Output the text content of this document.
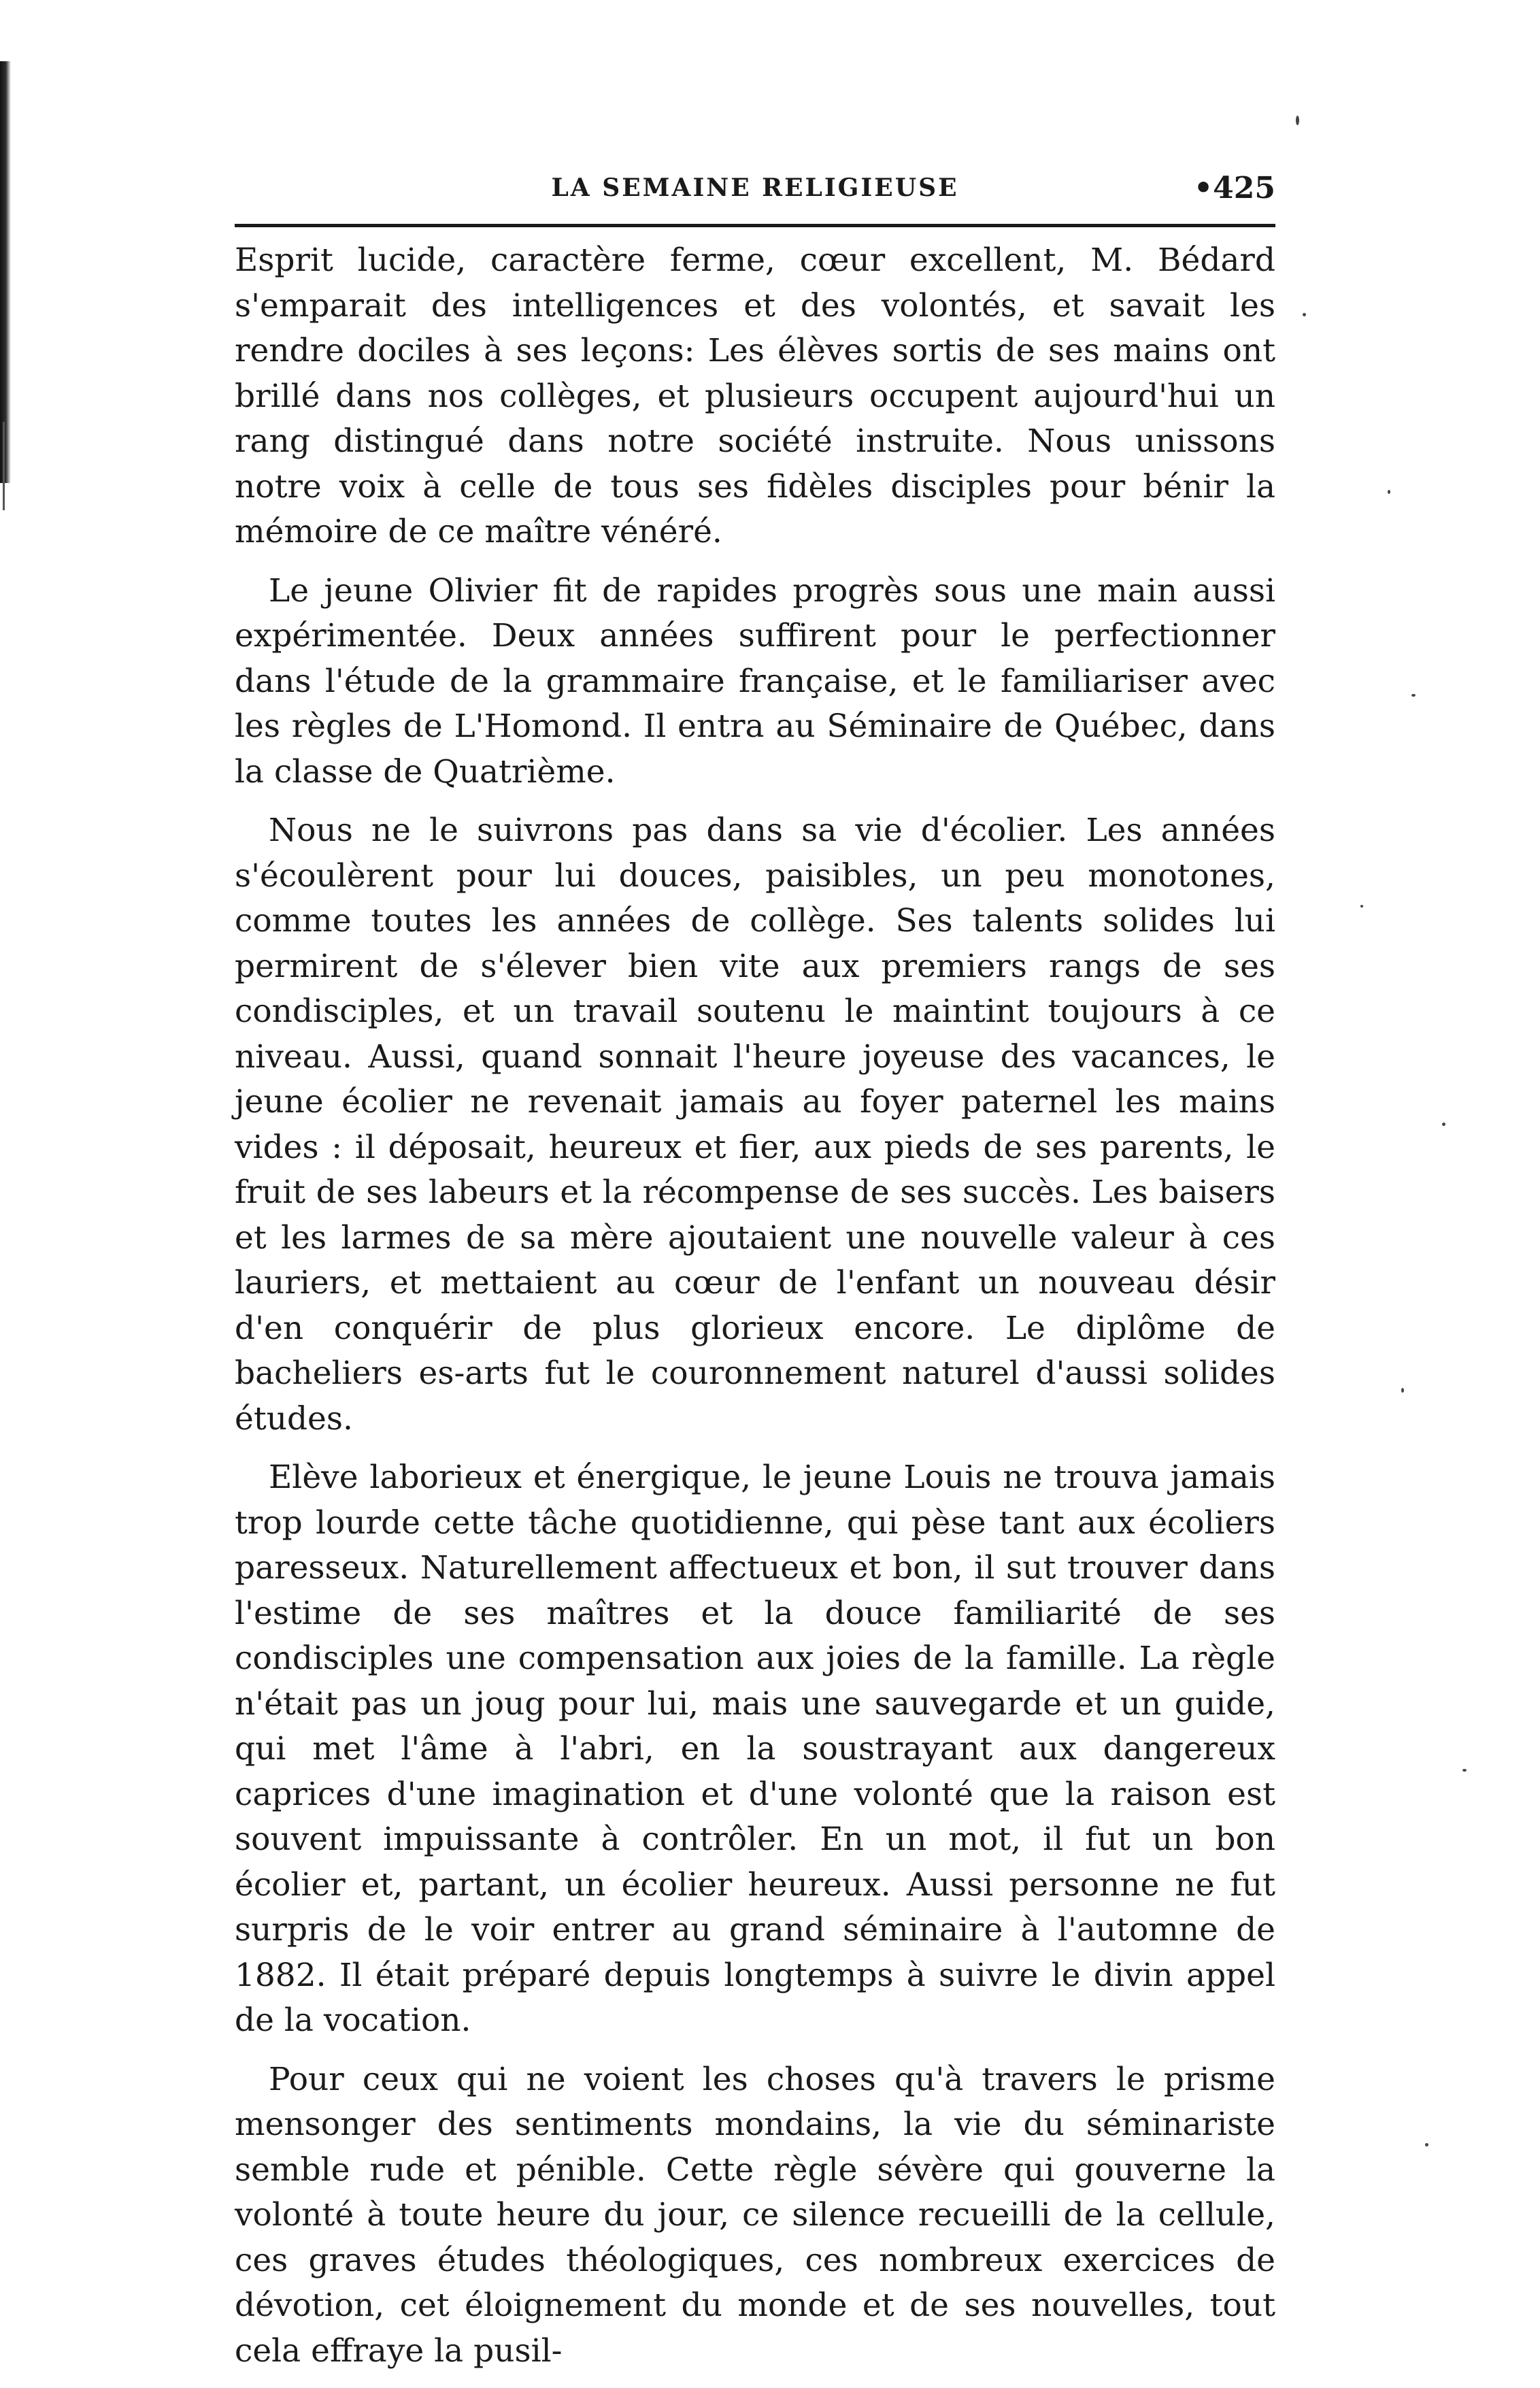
LA SEMAINE RELIGIEUSE	•425

Esprit lucide, caractère ferme, cœur excellent, M. Bédard s'emparait des intelligences et des volontés, et savait les rendre dociles à ses leçons: Les élèves sortis de ses mains ont brillé dans nos collèges, et plusieurs occupent aujourd'hui un rang distingué dans notre société instruite. Nous unissons notre voix à celle de tous ses fidèles disciples pour bénir la mémoire de ce maître vénéré.

Le jeune Olivier fit de rapides progrès sous une main aussi expérimentée. Deux années suffirent pour le perfectionner dans l'étude de la grammaire française, et le familiariser avec les règles de L'Homond. Il entra au Séminaire de Québec, dans la classe de Quatrième.

Nous ne le suivrons pas dans sa vie d'écolier. Les années s'écoulèrent pour lui douces, paisibles, un peu monotones, comme toutes les années de collège. Ses talents solides lui permirent de s'élever bien vite aux premiers rangs de ses condisciples, et un travail soutenu le maintint toujours à ce niveau. Aussi, quand sonnait l'heure joyeuse des vacances, le jeune écolier ne revenait jamais au foyer paternel les mains vides : il déposait, heureux et fier, aux pieds de ses parents, le fruit de ses labeurs et la récompense de ses succès. Les baisers et les larmes de sa mère ajoutaient une nouvelle valeur à ces lauriers, et mettaient au cœur de l'enfant un nouveau désir d'en conquérir de plus glorieux encore. Le diplôme de bacheliers es-arts fut le couronnement naturel d'aussi solides études.

Elève laborieux et énergique, le jeune Louis ne trouva jamais trop lourde cette tâche quotidienne, qui pèse tant aux écoliers paresseux. Naturellement affectueux et bon, il sut trouver dans l'estime de ses maîtres et la douce familiarité de ses condisciples une compensation aux joies de la famille. La règle n'était pas un joug pour lui, mais une sauvegarde et un guide, qui met l'âme à l'abri, en la soustrayant aux dangereux caprices d'une imagination et d'une volonté que la raison est souvent impuissante à contrôler. En un mot, il fut un bon écolier et, partant, un écolier heureux. Aussi personne ne fut surpris de le voir entrer au grand séminaire à l'automne de 1882. Il était préparé depuis longtemps à suivre le divin appel de la vocation.

Pour ceux qui ne voient les choses qu'à travers le prisme mensonger des sentiments mondains, la vie du séminariste semble rude et pénible. Cette règle sévère qui gouverne la volonté à toute heure du jour, ce silence recueilli de la cellule, ces graves études théologiques, ces nombreux exercices de dévotion, cet éloignement du monde et de ses nouvelles, tout cela effraye la pusil-
